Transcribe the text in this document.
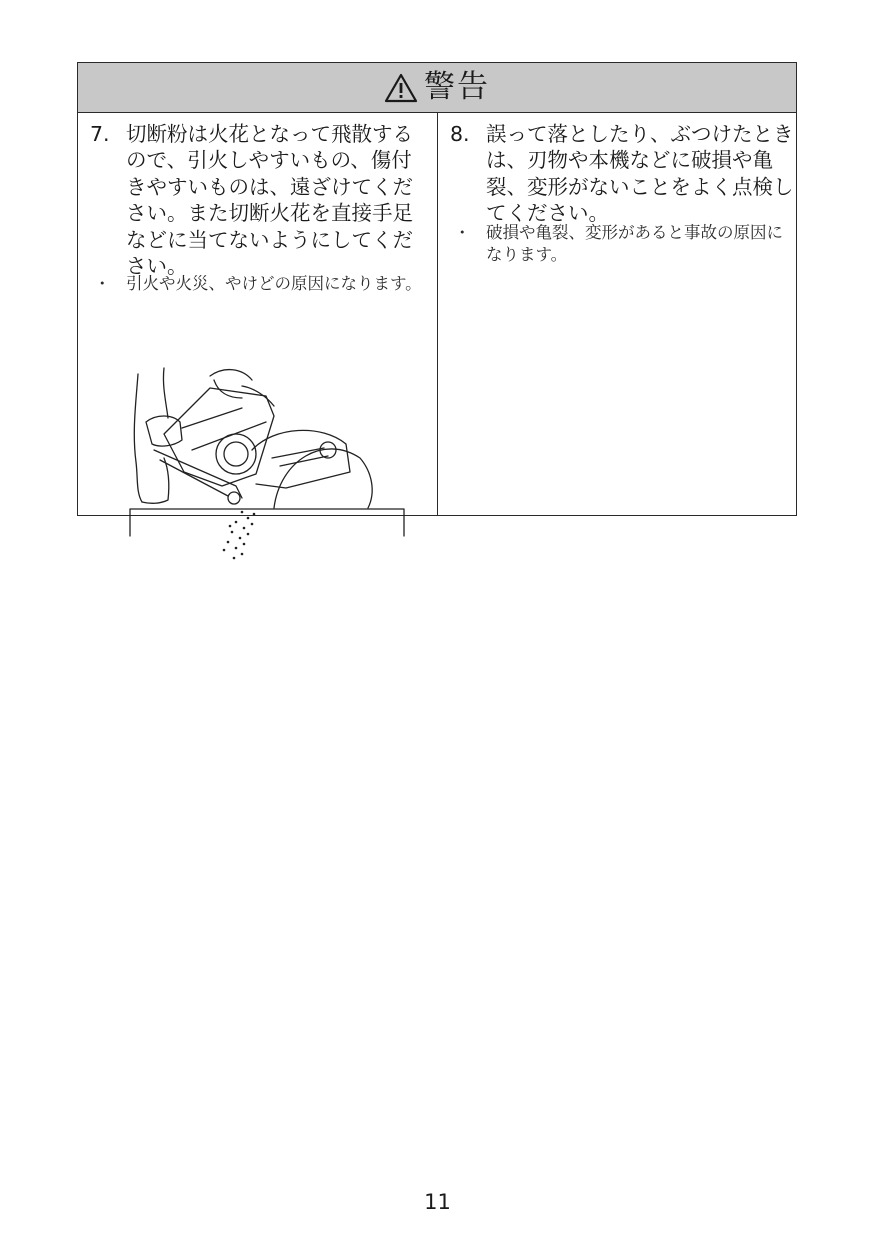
警告
7. 切断粉は火花となって飛散するので、引火しやすいもの、傷付きやすいものは、遠ざけてください。また切断火花を直接手足などに当てないようにしてください。
・ 引火や火災、やけどの原因になります。
8. 誤って落としたり、ぶつけたときは、刃物や本機などに破損や亀裂、変形がないことをよく点検してください。
・ 破損や亀裂、変形があると事故の原因になります。
11
